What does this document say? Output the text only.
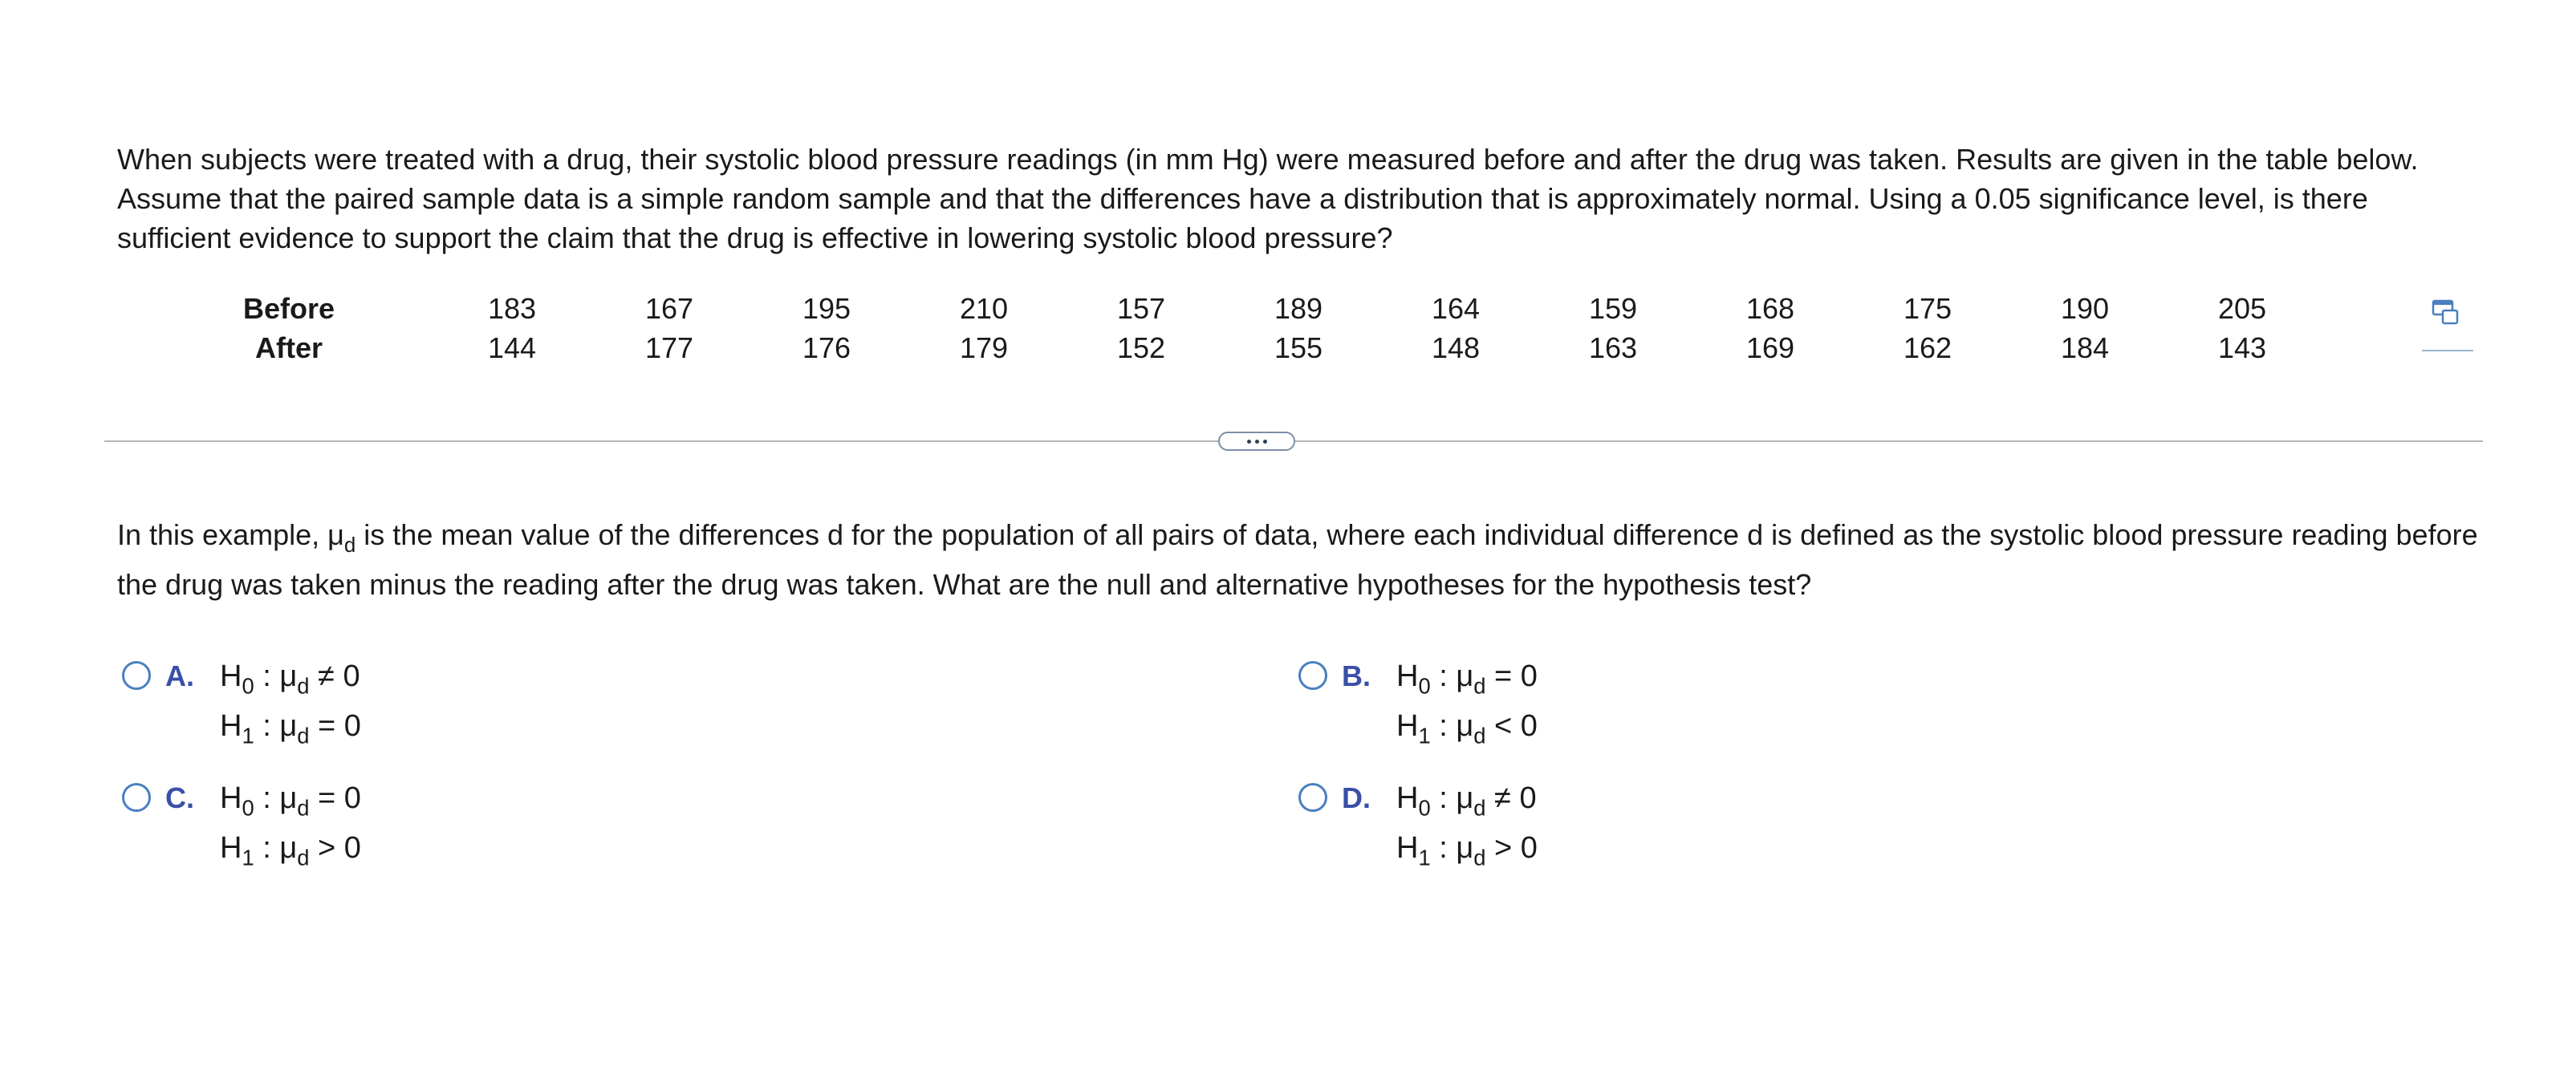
When subjects were treated with a drug, their systolic blood pressure readings (in mm Hg) were measured before and after the drug was taken. Results are given in the table below. Assume that the paired sample data is a simple random sample and that the differences have a distribution that is approximately normal. Using a 0.05 significance level, is there sufficient evidence to support the claim that the drug is effective in lowering systolic blood pressure?

Before		183	167	195	210	157	189	164	159	168	175	190	205
After		144	177	176	179	152	155	148	163	169	162	184	143

In this example, $\mu_d$ is the mean value of the differences d for the population of all pairs of data, where each individual difference d is defined as the systolic blood pressure reading before the drug was taken minus the reading after the drug was taken. What are the null and alternative hypotheses for the hypothesis test?

A. $H_0$ : $\mu_d \ne 0$
$H_1$ : $\mu_d = 0$
B. $H_0$ : $\mu_d = 0$
$H_1$ : $\mu_d < 0$
C. $H_0$ : $\mu_d = 0$
$H_1$ : $\mu_d > 0$
D. $H_0$ : $\mu_d \ne 0$
$H_1$ : $\mu_d > 0$
